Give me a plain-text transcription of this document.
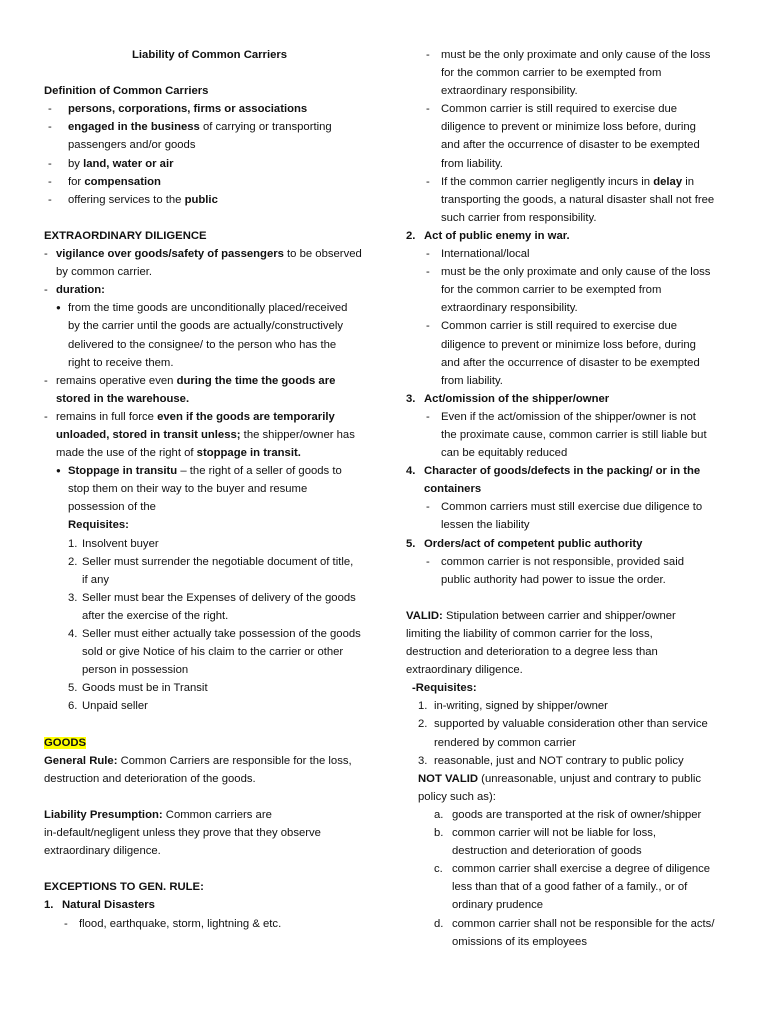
Liability of Common Carriers
Definition of Common Carriers
- persons, corporations, firms or associations
- engaged in the business of carrying or transporting
passengers and/or goods
- by land, water or air
- for compensation
- offering services to the public
EXTRAORDINARY DILIGENCE
- vigilance over goods/safety of passengers to be observed
by common carrier.
- duration:
● from the time goods are unconditionally placed/received
by the carrier until the goods are actually/constructively
delivered to the consignee/ to the person who has the
right to receive them.
- remains operative even during the time the goods are
stored in the warehouse.
- remains in full force even if the goods are temporarily
unloaded, stored in transit unless; the shipper/owner has
made the use of the right of stoppage in transit.
● Stoppage in transitu – the right of a seller of goods to
stop them on their way to the buyer and resume
possession of the
Requisites:
1. Insolvent buyer
2. Seller must surrender the negotiable document of title,
if any
3. Seller must bear the Expenses of delivery of the goods
after the exercise of the right.
4. Seller must either actually take possession of the goods
sold or give Notice of his claim to the carrier or other
person in possession
5. Goods must be in Transit
6. Unpaid seller
GOODS
General Rule: Common Carriers are responsible for the loss,
destruction and deterioration of the goods.
Liability Presumption: Common carriers are
in-default/negligent unless they prove that they observe
extraordinary diligence.
EXCEPTIONS TO GEN. RULE:
1. Natural Disasters
- flood, earthquake, storm, lightning & etc.
- must be the only proximate and only cause of the loss
for the common carrier to be exempted from
extraordinary responsibility.
- Common carrier is still required to exercise due
diligence to prevent or minimize loss before, during
and after the occurrence of disaster to be exempted
from liability.
- If the common carrier negligently incurs in delay in
transporting the goods, a natural disaster shall not free
such carrier from responsibility.
2. Act of public enemy in war.
- International/local
- must be the only proximate and only cause of the loss
for the common carrier to be exempted from
extraordinary responsibility.
- Common carrier is still required to exercise due
diligence to prevent or minimize loss before, during
and after the occurrence of disaster to be exempted
from liability.
3. Act/omission of the shipper/owner
- Even if the act/omission of the shipper/owner is not
the proximate cause, common carrier is still liable but
can be equitably reduced
4. Character of goods/defects in the packing/ or in the
containers
- Common carriers must still exercise due diligence to
lessen the liability
5. Orders/act of competent public authority
- common carrier is not responsible, provided said
public authority had power to issue the order.
VALID: Stipulation between carrier and shipper/owner
limiting the liability of common carrier for the loss,
destruction and deterioration to a degree less than
extraordinary diligence.
-Requisites:
1. in-writing, signed by shipper/owner
2. supported by valuable consideration other than service
rendered by common carrier
3. reasonable, just and NOT contrary to public policy
NOT VALID (unreasonable, unjust and contrary to public
policy such as):
a. goods are transported at the risk of owner/shipper
b. common carrier will not be liable for loss,
destruction and deterioration of goods
c. common carrier shall exercise a degree of diligence
less than that of a good father of a family., or of
ordinary prudence
d. common carrier shall not be responsible for the acts/
omissions of its employees
